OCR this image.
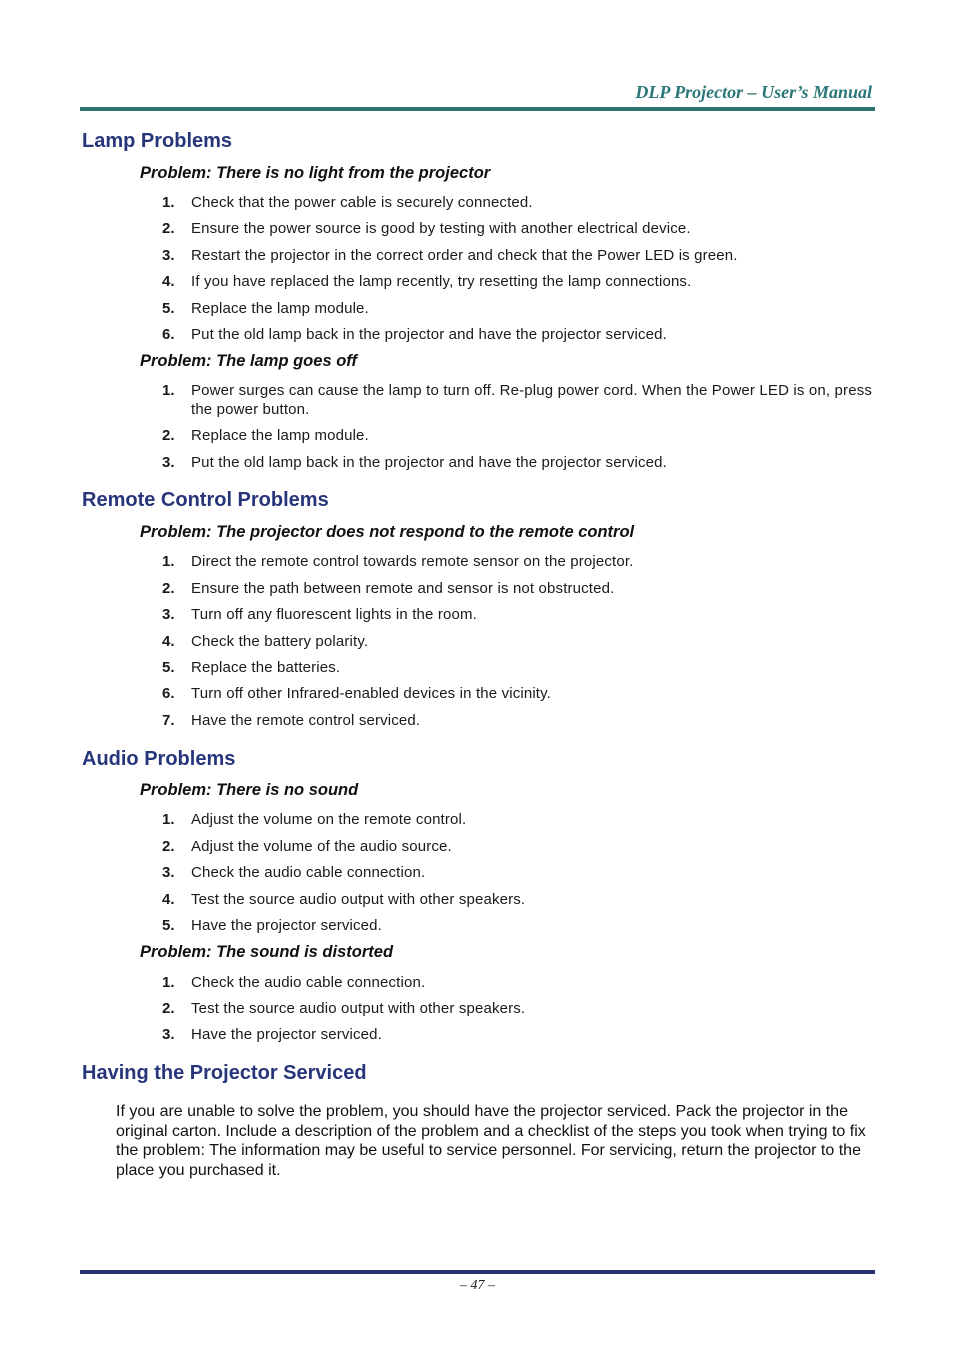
DLP Projector – User’s Manual
Lamp Problems
Problem: There is no light from the projector
1.	Check that the power cable is securely connected.
2.	Ensure the power source is good by testing with another electrical device.
3.	Restart the projector in the correct order and check that the Power LED is green.
4.	If you have replaced the lamp recently, try resetting the lamp connections.
5.	Replace the lamp module.
6.	Put the old lamp back in the projector and have the projector serviced.
Problem: The lamp goes off
1.	Power surges can cause the lamp to turn off. Re-plug power cord. When the Power LED is on, press the power button.
2.	Replace the lamp module.
3.	Put the old lamp back in the projector and have the projector serviced.
Remote Control Problems
Problem: The projector does not respond to the remote control
1.	Direct the remote control towards remote sensor on the projector.
2.	Ensure the path between remote and sensor is not obstructed.
3.	Turn off any fluorescent lights in the room.
4.	Check the battery polarity.
5.	Replace the batteries.
6.	Turn off other Infrared-enabled devices in the vicinity.
7.	Have the remote control serviced.
Audio Problems
Problem: There is no sound
1.	Adjust the volume on the remote control.
2.	Adjust the volume of the audio source.
3.	Check the audio cable connection.
4.	Test the source audio output with other speakers.
5.	Have the projector serviced.
Problem: The sound is distorted
1.	Check the audio cable connection.
2.	Test the source audio output with other speakers.
3.	Have the projector serviced.
Having the Projector Serviced
If you are unable to solve the problem, you should have the projector serviced. Pack the projector in the original carton. Include a description of the problem and a checklist of the steps you took when trying to fix the problem: The information may be useful to service personnel. For servicing, return the projector to the place you purchased it.
– 47 –
